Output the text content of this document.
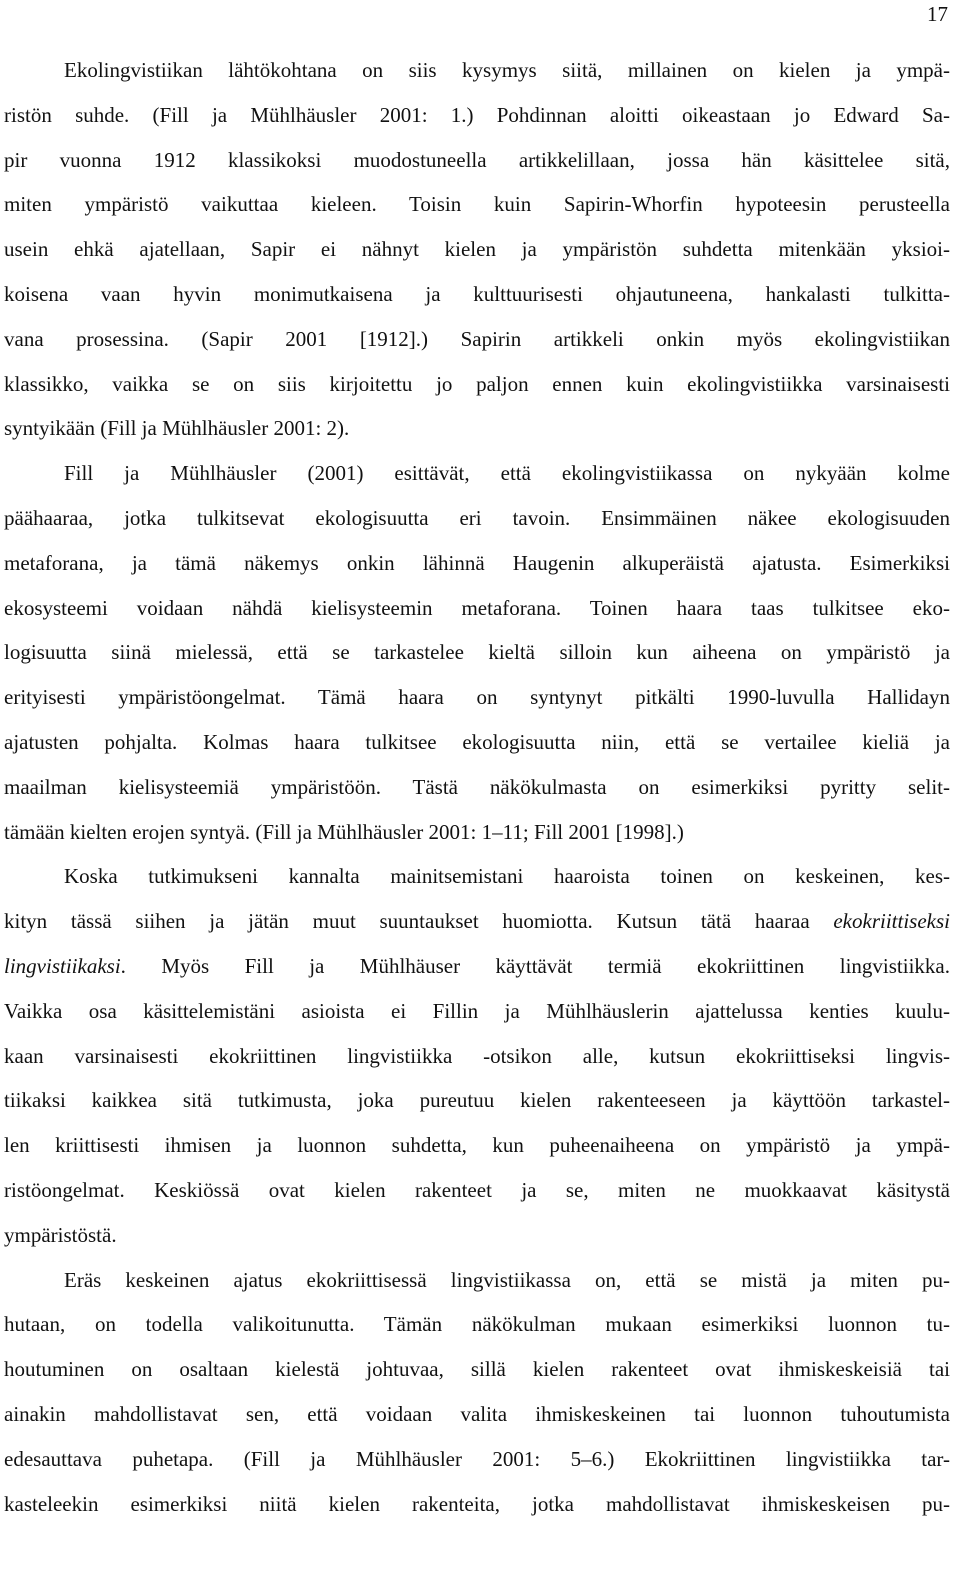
17
Ekolingvistiikan lähtökohtana on siis kysymys siitä, millainen on kielen ja ympä-
ristön suhde. (Fill ja Mühlhäusler 2001: 1.) Pohdinnan aloitti oikeastaan jo Edward Sa-
pir vuonna 1912 klassikoksi muodostuneella artikkelillaan, jossa hän käsittelee sitä,
miten ympäristö vaikuttaa kieleen. Toisin kuin Sapirin-Whorfin hypoteesin perusteella
usein ehkä ajatellaan, Sapir ei nähnyt kielen ja ympäristön suhdetta mitenkään yksioi-
koisena vaan hyvin monimutkaisena ja kulttuurisesti ohjautuneena, hankalasti tulkitta-
vana prosessina. (Sapir 2001 [1912].) Sapirin artikkeli onkin myös ekolingvistiikan
klassikko, vaikka se on siis kirjoitettu jo paljon ennen kuin ekolingvistiikka varsinaisesti
syntyikään (Fill ja Mühlhäusler 2001: 2).
Fill ja Mühlhäusler (2001) esittävät, että ekolingvistiikassa on nykyään kolme
päähaaraa, jotka tulkitsevat ekologisuutta eri tavoin. Ensimmäinen näkee ekologisuuden
metaforana, ja tämä näkemys onkin lähinnä Haugenin alkuperäistä ajatusta. Esimerkiksi
ekosysteemi voidaan nähdä kielisysteemin metaforana. Toinen haara taas tulkitsee eko-
logisuutta siinä mielessä, että se tarkastelee kieltä silloin kun aiheena on ympäristö ja
erityisesti ympäristöongelmat. Tämä haara on syntynyt pitkälti 1990-luvulla Hallidayn
ajatusten pohjalta. Kolmas haara tulkitsee ekologisuutta niin, että se vertailee kieliä ja
maailman kielisysteemiä ympäristöön. Tästä näkökulmasta on esimerkiksi pyritty selit-
tämään kielten erojen syntyä. (Fill ja Mühlhäusler 2001: 1–11; Fill 2001 [1998].)
Koska tutkimukseni kannalta mainitsemistani haaroista toinen on keskeinen, kes-
kityn tässä siihen ja jätän muut suuntaukset huomiotta. Kutsun tätä haaraa ekokriittiseksi
lingvistiikaksi. Myös Fill ja Mühlhäuser käyttävät termiä ekokriittinen lingvistiikka.
Vaikka osa käsittelemistäni asioista ei Fillin ja Mühlhäuslerin ajattelussa kenties kuulu-
kaan varsinaisesti ekokriittinen lingvistiikka -otsikon alle, kutsun ekokriittiseksi lingvis-
tiikaksi kaikkea sitä tutkimusta, joka pureutuu kielen rakenteeseen ja käyttöön tarkastel-
len kriittisesti ihmisen ja luonnon suhdetta, kun puheenaiheena on ympäristö ja ympä-
ristöongelmat. Keskiössä ovat kielen rakenteet ja se, miten ne muokkaavat käsitystä
ympäristöstä.
Eräs keskeinen ajatus ekokriittisessä lingvistiikassa on, että se mistä ja miten pu-
hutaan, on todella valikoitunutta. Tämän näkökulman mukaan esimerkiksi luonnon tu-
houtuminen on osaltaan kielestä johtuvaa, sillä kielen rakenteet ovat ihmiskeskeisiä tai
ainakin mahdollistavat sen, että voidaan valita ihmiskeskeinen tai luonnon tuhoutumista
edesauttava puhetapa. (Fill ja Mühlhäusler 2001: 5–6.) Ekokriittinen lingvistiikka tar-
kasteleekin esimerkiksi niitä kielen rakenteita, jotka mahdollistavat ihmiskeskeisen pu-
